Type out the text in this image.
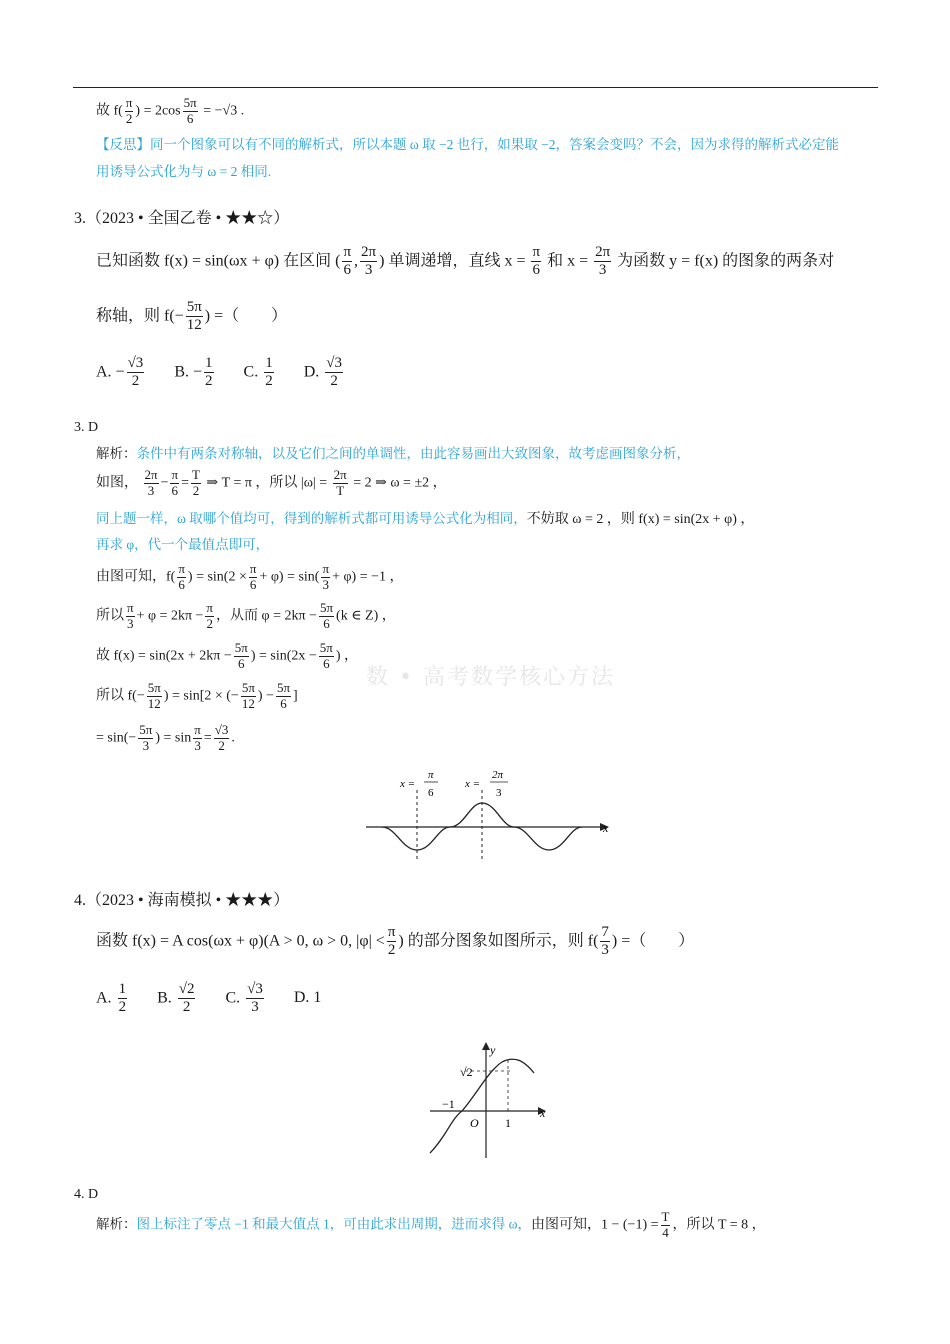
故 $f( \frac{\pi}{2}$ ) = $2\cos \frac{5\pi}{6} = -√3$ .
【反思】同一个图象可以有不同的解析式，所以本题 ω 取 −2 也行，如果取 −2，答案会变吗？不会，因为求得的解析式必定能
用诱导公式化为与 ω = 2 相同.
3.（2023 • 全国乙卷 • ★★☆）
已知函数 f(x) = sin(ωx + φ) 在区间 ( $\frac{\pi}{6}$ , $\frac{2\pi}{3}$ ) 单调递增，直线 $x = \frac{\pi}{6}$ 和 $x = \frac{2\pi}{3}$ 为函数 y = f(x) 的图象的两条对
称轴，则 $f(- \frac{5\pi}{12}$ ) =（　　）
A. − $\frac{√3}{2} B$. − $\frac{1}{2} C$. $\frac{1}{2} D$. $\frac{√3}{2}$
3. D
解析：条件中有两条对称轴，以及它们之间的单调性，由此容易画出大致图象，故考虑画图象分析，
如图， $\frac{2\pi}{3} - \frac{\pi}{6} = \frac{T}{2}$ ⇒ T = π ，所以 $|\omega| = \frac{2\pi}{T} = 2$ ⇒ ω = ±2 ，
同上题一样，ω 取哪个值均可，得到的解析式都可用诱导公式化为相同，不妨取 ω = 2 ，则 f(x) = sin(2x + φ) ，
再求 φ，代一个最值点即可，
由图可知，$f( \frac{\pi}{6}$ ) = $\sin(2 \times \frac{\pi}{6} + \varphi) = \sin( \frac{\pi}{3} + \varphi) = -1$ ，
所以 $\frac{\pi}{3} + \varphi = 2k\pi - \frac{\pi}{2}$ ，从而 $\varphi = 2k\pi - \frac{5\pi}{6} (k$ ∈ Z) ，
故 $f(x) = \sin(2x + 2k\pi - \frac{5\pi}{6}$ ) = $\sin(2x - \frac{5\pi}{6}$ ) ，
所以 $f(- \frac{5\pi}{12}$ ) = sin[2 × (− $\frac{5\pi}{12}$ ) − $\frac{5\pi}{6}$ ]
= $\sin(- \frac{5\pi}{3}$ ) = $\sin \frac{\pi}{3} = \frac{√3}{2}$ .
数 • 高考数学核心方法
x
x =
π
6
x =
2π
3
4.（2023 • 海南模拟 • ★★★）
函数 f(x) = A cos(ωx + φ)(A > 0, ω > 0, $|\varphi| < \frac{\pi}{2}$ ) 的部分图象如图所示，则 $f( \frac{7}{3}$ ) =（　　）
A. $\frac{1}{2} B$. $\frac{√2}{2} C$. $\frac{√3}{3} D$. 1
x
y
√2
−1
O 1
4. D
解析：图上标注了零点 −1 和最大值点 1，可由此求出周期，进而求得 ω，由图可知，$1 - (-1) = \frac{T}{4}$ ，所以 T = 8 ，
